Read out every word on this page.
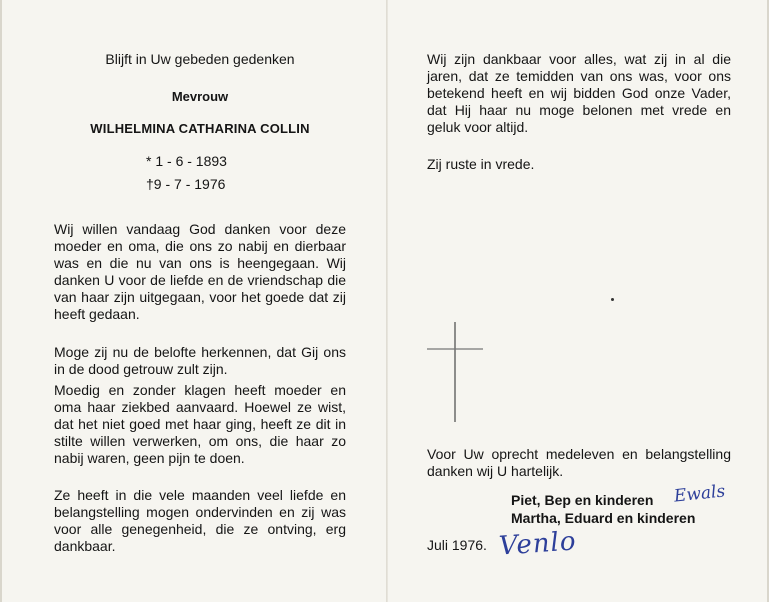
Blijft in Uw gebeden gedenken
Mevrouw
WILHELMINA CATHARINA COLLIN
* 1 - 6 - 1893
†9 - 7 - 1976

Wij willen vandaag God danken voor deze moeder en oma, die ons zo nabij en dierbaar was en die nu van ons is heengegaan. Wij danken U voor de liefde en de vriendschap die van haar zijn uitgegaan, voor het goede dat zij heeft gedaan.

Moge zij nu de belofte herkennen, dat Gij ons in de dood getrouw zult zijn.

Moedig en zonder klagen heeft moeder en oma haar ziekbed aanvaard. Hoewel ze wist, dat het niet goed met haar ging, heeft ze dit in stilte willen verwerken, om ons, die haar zo nabij waren, geen pijn te doen.

Ze heeft in die vele maanden veel liefde en belangstelling mogen ondervinden en zij was voor alle genegenheid, die ze ontving, erg dankbaar.

Wij zijn dankbaar voor alles, wat zij in al die jaren, dat ze temidden van ons was, voor ons betekend heeft en wij bidden God onze Vader, dat Hij haar nu moge belonen met vrede en geluk voor altijd.

Zij ruste in vrede.

Voor Uw oprecht medeleven en belangstelling danken wij U hartelijk.

Piet, Bep en kinderen Ewals
Martha, Eduard en kinderen
Juli 1976. Venlo
